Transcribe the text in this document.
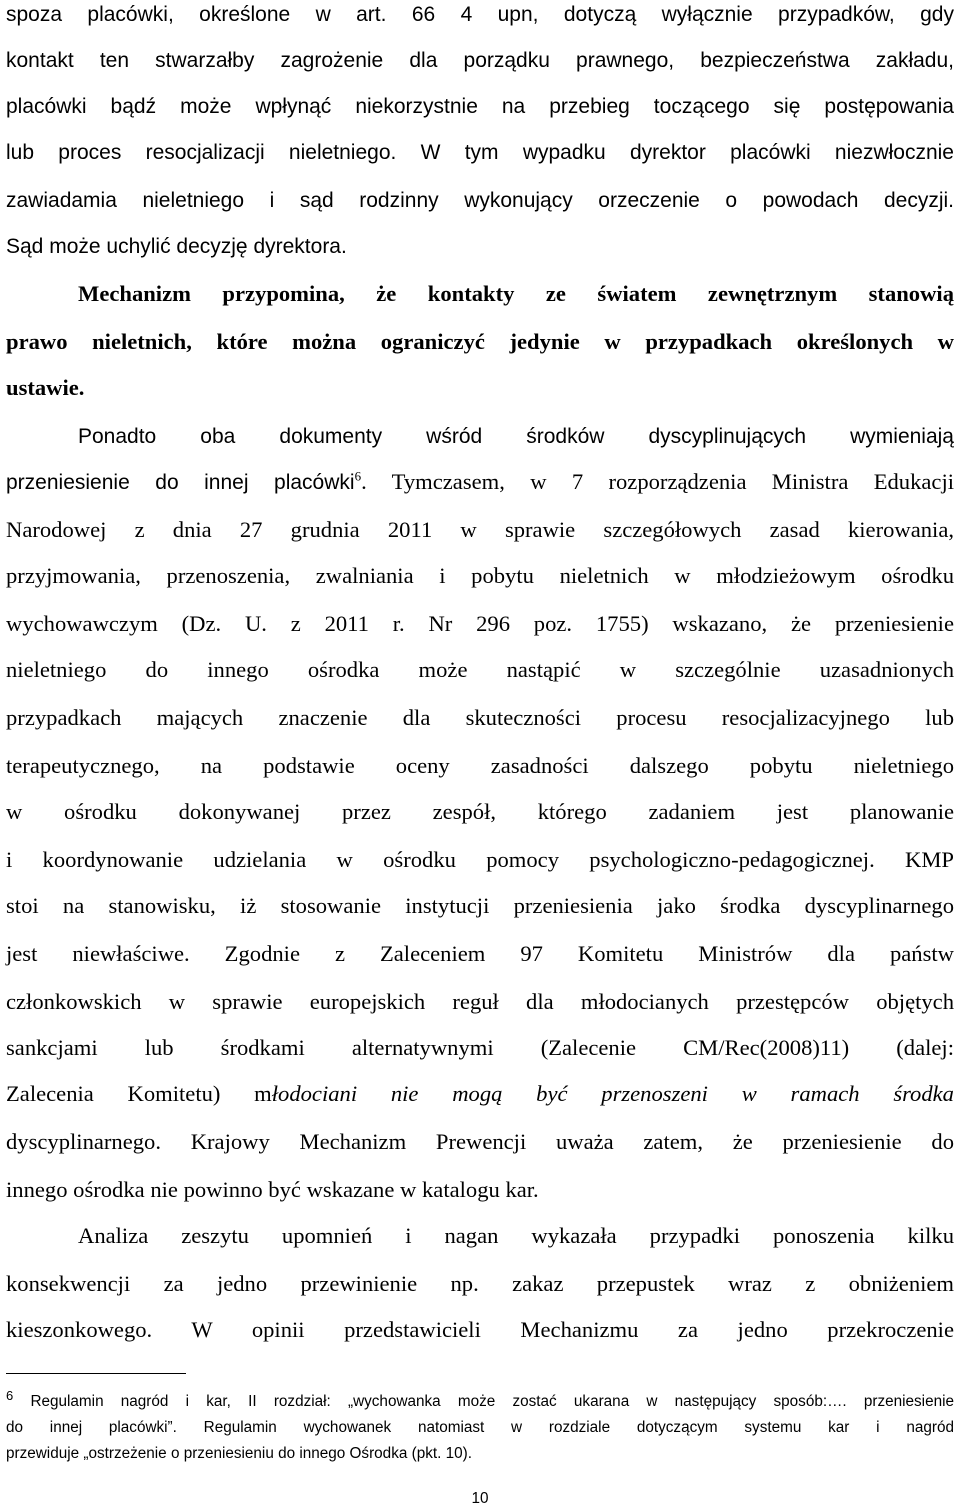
spoza placówki, określone w art. 66 4 upn, dotyczą wyłącznie przypadków, gdy
kontakt ten stwarzałby zagrożenie dla porządku prawnego, bezpieczeństwa zakładu,
placówki bądź może wpłynąć niekorzystnie na przebieg toczącego się postępowania
lub proces resocjalizacji nieletniego. W tym wypadku dyrektor placówki niezwłocznie
zawiadamia nieletniego i sąd rodzinny wykonujący orzeczenie o powodach decyzji.
Sąd może uchylić decyzję dyrektora.
Mechanizm przypomina, że kontakty ze światem zewnętrznym stanowią
prawo nieletnich, które można ograniczyć jedynie w przypadkach określonych w
ustawie.
Ponadto oba dokumenty wśród środków dyscyplinujących wymieniają
przeniesienie do innej placówki$^6$. Tymczasem, w 7 rozporządzenia Ministra Edukacji
Narodowej z dnia 27 grudnia 2011 w sprawie szczegółowych zasad kierowania,
przyjmowania, przenoszenia, zwalniania i pobytu nieletnich w młodzieżowym ośrodku
wychowawczym (Dz. U. z 2011 r. Nr 296 poz. 1755) wskazano, że przeniesienie
nieletniego do innego ośrodka może nastąpić w szczególnie uzasadnionych
przypadkach mających znaczenie dla skuteczności procesu resocjalizacyjnego lub
terapeutycznego, na podstawie oceny zasadności dalszego pobytu nieletniego
w ośrodku dokonywanej przez zespół, którego zadaniem jest planowanie
i koordynowanie udzielania w ośrodku pomocy psychologiczno-pedagogicznej. KMP
stoi na stanowisku, iż stosowanie instytucji przeniesienia jako środka dyscyplinarnego
jest niewłaściwe. Zgodnie z Zaleceniem 97 Komitetu Ministrów dla państw
członkowskich w sprawie europejskich reguł dla młodocianych przestępców objętych
sankcjami lub środkami alternatywnymi (Zalecenie CM/Rec(2008)11) (dalej:
Zalecenia Komitetu) młodociani nie mogą być przenoszeni w ramach środka
dyscyplinarnego. Krajowy Mechanizm Prewencji uważa zatem, że przeniesienie do
innego ośrodka nie powinno być wskazane w katalogu kar.
Analiza zeszytu upomnień i nagan wykazała przypadki ponoszenia kilku
konsekwencji za jedno przewinienie np. zakaz przepustek wraz z obniżeniem
kieszonkowego. W opinii przedstawicieli Mechanizmu za jedno przekroczenie
$^6$ Regulamin nagród i kar, II rozdział: „wychowanka może zostać ukarana w następujący sposób:…. przeniesienie
do innej placówki”. Regulamin wychowanek natomiast w rozdziale dotyczącym systemu kar i nagród
przewiduje „ostrzeżenie o przeniesieniu do innego Ośrodka (pkt. 10).
10
